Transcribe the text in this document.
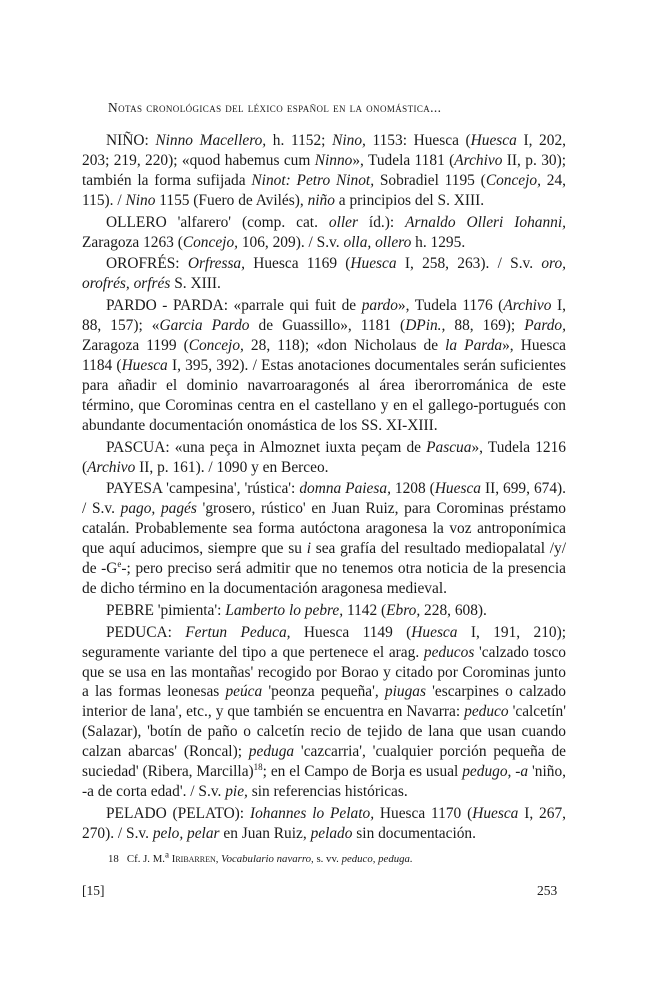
Notas cronológicas del léxico español en la onomástica...

NIÑO: Ninno Macellero, h. 1152; Nino, 1153: Huesca (Huesca I, 202, 203; 219, 220); «quod habemus cum Ninno», Tudela 1181 (Archivo II, p. 30); también la forma sufijada Ninot: Petro Ninot, Sobradiel 1195 (Concejo, 24, 115). / Nino 1155 (Fuero de Avilés), niño a principios del S. XIII.

OLLERO 'alfarero' (comp. cat. oller íd.): Arnaldo Olleri Iohanni, Zaragoza 1263 (Concejo, 106, 209). / S.v. olla, ollero h. 1295.

OROFRÉS: Orfressa, Huesca 1169 (Huesca I, 258, 263). / S.v. oro, orofrés, orfrés S. XIII.

PARDO - PARDA: «parrale qui fuit de pardo», Tudela 1176 (Archivo I, 88, 157); «Garcia Pardo de Guassillo», 1181 (DPin., 88, 169); Pardo, Zaragoza 1199 (Concejo, 28, 118); «don Nicholaus de la Parda», Huesca 1184 (Huesca I, 395, 392). / Estas anotaciones documentales serán suficientes para añadir el dominio navarroaragonés al área iberorrománica de este término, que Corominas centra en el castellano y en el gallego-portugués con abundante documentación onomástica de los SS. XI-XIII.

PASCUA: «una peça in Almoznet iuxta peçam de Pascua», Tudela 1216 (Archivo II, p. 161). / 1090 y en Berceo.

PAYESA 'campesina', 'rústica': domna Paiesa, 1208 (Huesca II, 699, 674). / S.v. pago, pagés 'grosero, rústico' en Juan Ruiz, para Corominas préstamo catalán. Probablemente sea forma autóctona aragonesa la voz antroponímica que aquí aducimos, siempre que su i sea grafía del resultado mediopalatal /y/ de $-G^e-$; pero preciso será admitir que no tenemos otra noticia de la presencia de dicho término en la documentación aragonesa medieval.

PEBRE 'pimienta': Lamberto lo pebre, 1142 (Ebro, 228, 608).

PEDUCA: Fertun Peduca, Huesca 1149 (Huesca I, 191, 210); seguramente variante del tipo a que pertenece el arag. peducos 'calzado tosco que se usa en las montañas' recogido por Borao y citado por Corominas junto a las formas leonesas peúca 'peonza pequeña', piugas 'escarpines o calzado interior de lana', etc., y que también se encuentra en Navarra: peduco 'calcetín' (Salazar), 'botín de paño o calcetín recio de tejido de lana que usan cuando calzan abarcas' (Roncal); peduga 'cazcarria', 'cualquier porción pequeña de suciedad' (Ribera, Marcilla)$^{18}$; en el Campo de Borja es usual pedugo, -a 'niño, -a de corta edad'. / S.v. pie, sin referencias históricas.

PELADO (PELATO): Iohannes lo Pelato, Huesca 1170 (Huesca I, 267, 270). / S.v. pelo, pelar en Juan Ruiz, pelado sin documentación.

18 Cf. J. M.$^a$ Iribarren, Vocabulario navarro, s. vv. peduco, peduga.
[15]	253
